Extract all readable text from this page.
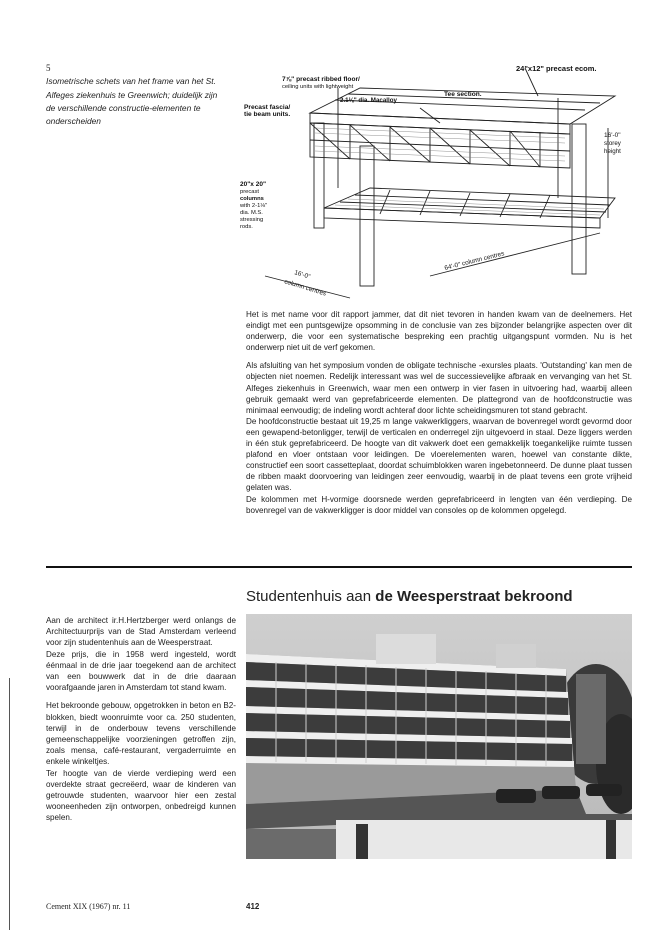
5
Isometrische schets van het frame van het St. Alfeges ziekenhuis te Greenwich; duidelijk zijn de verschillende constructie-elementen te onderscheiden
24"x12" precast ecom.
7⅞" precast ribbed floor/
ceiling units with lightweight
2.1⅛" dia. Macalloy
Precast fascia/
tie beam units.
Tee section.
16'-0"
storey
height
20"x 20"
precast
columns
with 2-1⅛"
dia. M.S.
stressing
rods.
64'-0" column centres
16'-0"
column centres

Het is met name voor dit rapport jammer, dat dit niet tevoren in handen kwam van de deelnemers. Het eindigt met een puntsgewijze opsomming in de conclusie van zes bijzonder belangrijke aspecten over dit onderwerp, die voor een systematische bespreking een prachtig uitgangspunt vormden. Nu is het onderwerp niet uit de verf gekomen.

Als afsluiting van het symposium vonden de obligate technische -exursles plaats. 'Outstanding' kan men de objecten niet noemen. Redelijk interessant was wel de successievelijke afbraak en vervanging van het St. Alfeges ziekenhuis in Greenwich, waar men een ontwerp in vier fasen in uitvoering had, waarbij alleen gebruik gemaakt werd van geprefabriceerde elementen. De plattegrond van de hoofdconstructie was minimaal eenvoudig; de indeling wordt achteraf door lichte scheidingsmuren tot stand gebracht.

De hoofdconstructie bestaat uit 19,25 m lange vakwerkliggers, waarvan de bovenregel wordt gevormd door een gewapend-betonligger, terwijl de verticalen en onderregel zijn uitgevoerd in staal. Deze liggers werden in één stuk geprefabriceerd. De hoogte van dit vakwerk doet een gemakkelijk toegankelijke ruimte tussen plafond en vloer ontstaan voor leidingen. De vloerelementen waren, hoewel van constante dikte, constructief een soort cassetteplaat, doordat schuimblokken waren ingebetonneerd. De dunne plaat tussen de ribben maakt doorvoering van leidingen zeer eenvoudig, waarbij in de plaat tevens een grote vrijheid gelaten was.

De kolommen met H-vormige doorsnede werden geprefabriceerd in lengten van één verdieping. De bovenregel van de vakwerkligger is door middel van consoles op de kolommen opgelegd.

Studentenhuis aan de Weesperstraat bekroond

Aan de architect ir.H.Hertzberger werd onlangs de Architectuurprijs van de Stad Amsterdam verleend voor zijn studentenhuis aan de Weesperstraat.

Deze prijs, die in 1958 werd ingesteld, wordt éénmaal in de drie jaar toegekend aan de architect van een bouwwerk dat in de drie daaraan voorafgaande jaren in Amsterdam tot stand kwam.

Het bekroonde gebouw, opgetrokken in beton en B2-blokken, biedt woonruimte voor ca. 250 studenten, terwijl in de onderbouw tevens verschillende gemeenschappelijke voorzieningen getroffen zijn, zoals mensa, café-restaurant, vergaderruimte en enkele winkeltjes.

Ter hoogte van de vierde verdieping werd een overdekte straat gecreëerd, waar de kinderen van getrouwde studenten, waarvoor hier een zestal wooneenheden zijn ontworpen, onbedreigd kunnen spelen.

Cement XIX (1967) nr. 11	412
